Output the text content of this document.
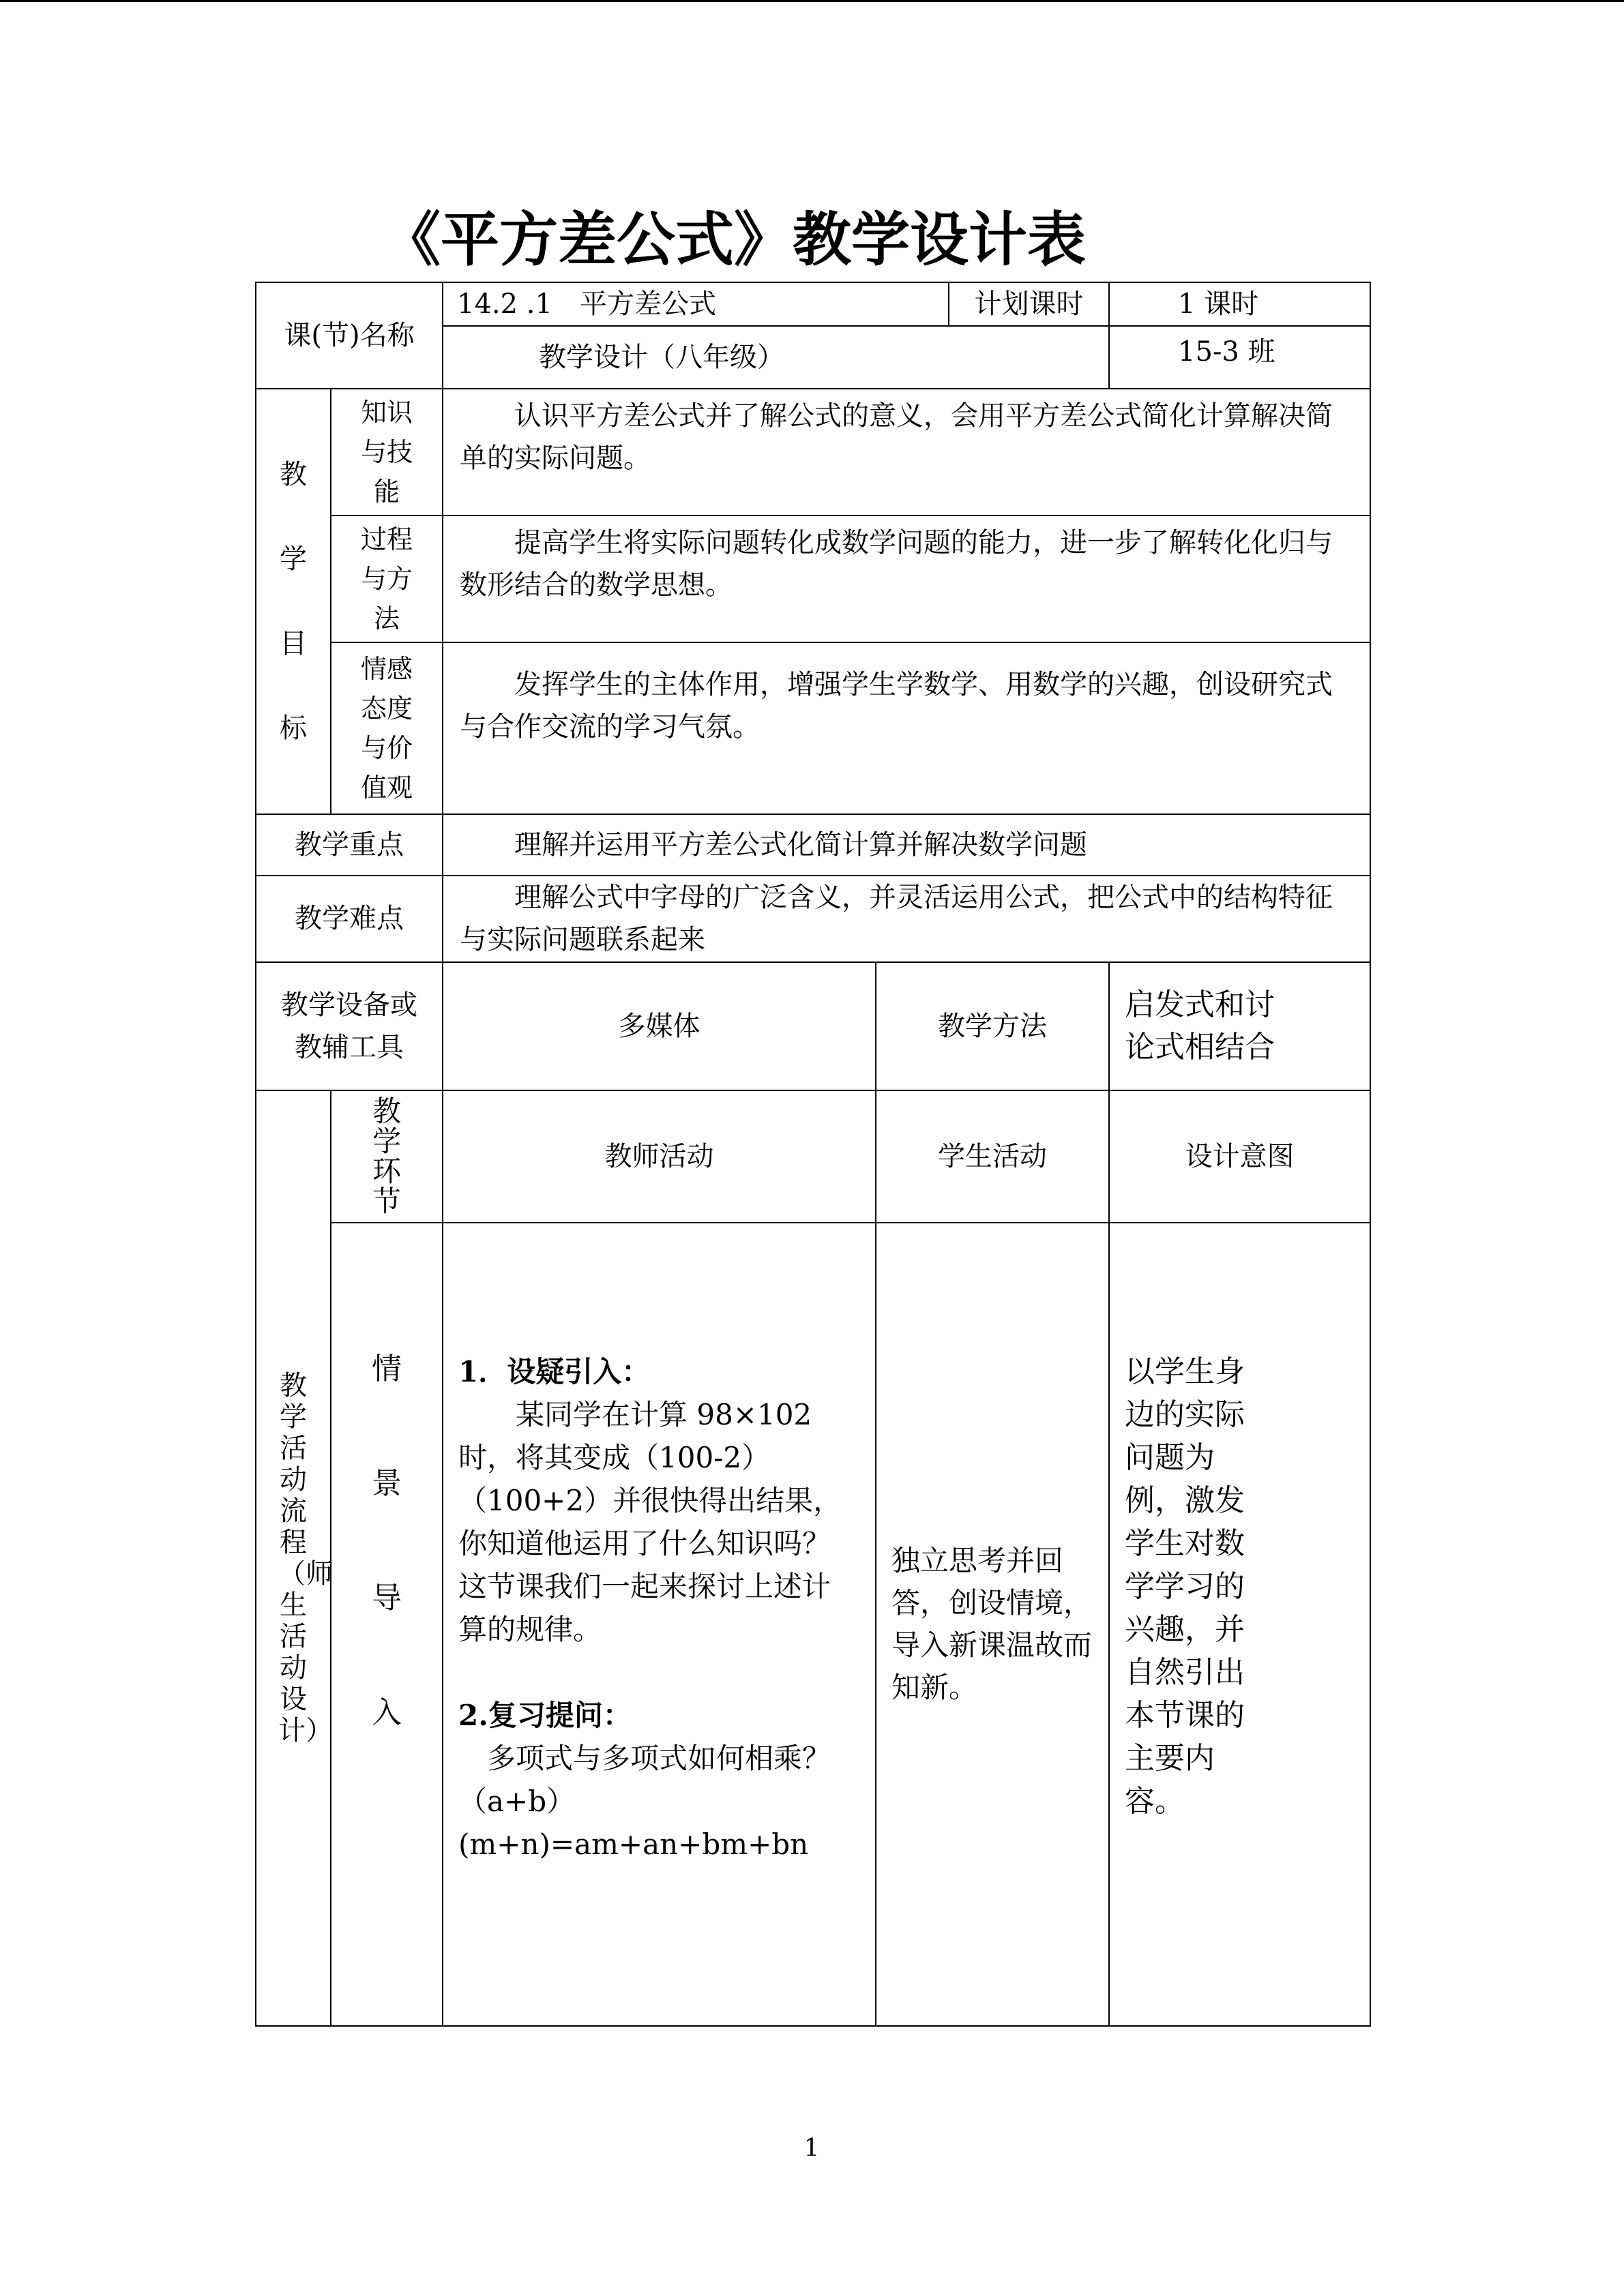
《平方差公式》教学设计表
课(节)名称		14.2 .1　平方差公式		计划课时	1 课时
		教学设计（八年级）			15-3 班

教学目标	知识与技能	认识平方差公式并了解公式的意义，会用平方差公式简化计算解决简单的实际问题。			

	过程与方法	提高学生将实际问题转化成数学问题的能力，进一步了解转化化归与数形结合的数学思想。			

	情感态度与价值观	发挥学生的主体作用，增强学生学数学、用数学的兴趣，创设研究式与合作交流的学习气氛。			
教学重点		理解并运用平方差公式化简计算并解决数学问题			
教学难点		理解公式中字母的广泛含义，并灵活运用公式，把公式中的结构特征与实际问题联系起来			

教学设备或教辅工具		多媒体	教学方法		启发式和讨论式相结合

教学活动流程（师生活动设计）	教学环节	教师活动	学生活动		设计意图

	情景导入	1．设疑引入：
某同学在计算 98×102 时，将其变成（100-2）（100+2）并很快得出结果，你知道他运用了什么知识吗？这节课我们一起来探讨上述计算的规律。
2.复习提问：
多项式与多项式如何相乘？
（a+b）(m+n)=am+an+bm+bn	独立思考并回答，创设情境，导入新课温故而知新。		以学生身边的实际问题为例，激发学生对数学学习的兴趣，并自然引出本节课的主要内容。
1
